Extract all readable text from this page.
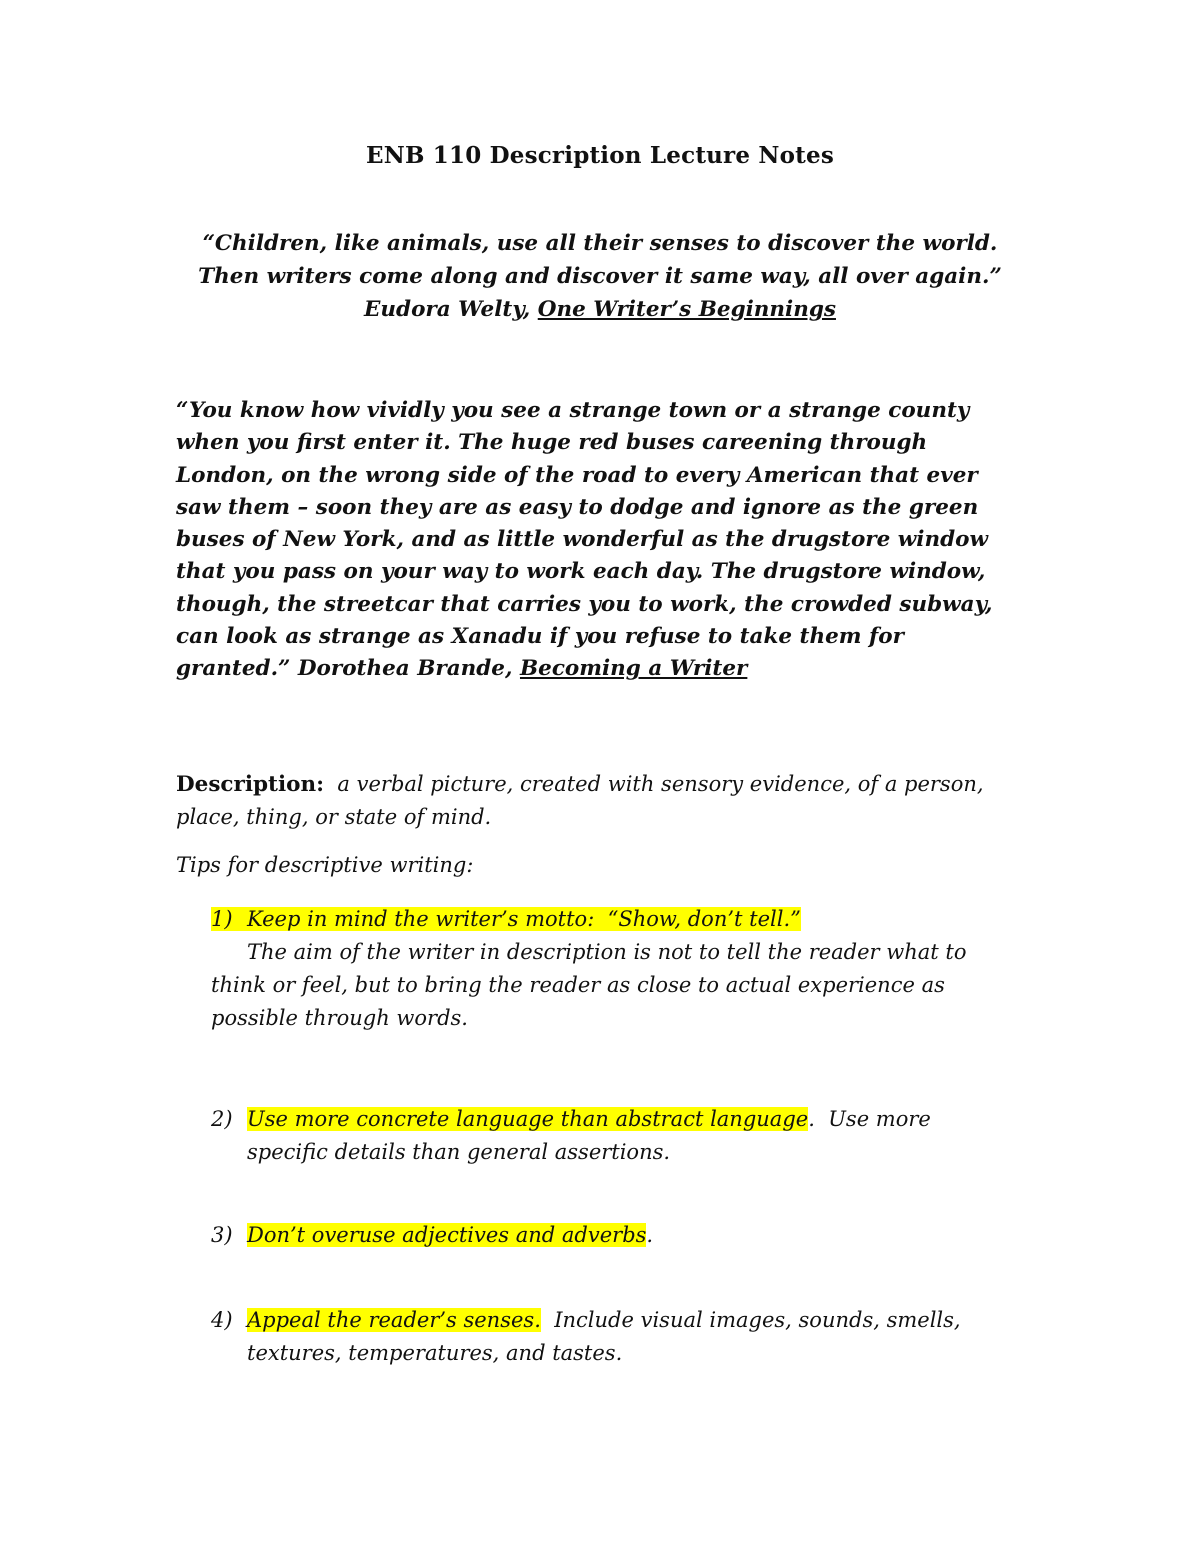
ENB 110 Description Lecture Notes
“Children, like animals, use all their senses to discover the world.
Then writers come along and discover it same way, all over again.”
Eudora Welty, One Writer’s Beginnings
“You know how vividly you see a strange town or a strange county
when you first enter it. The huge red buses careening through
London, on the wrong side of the road to every American that ever
saw them – soon they are as easy to dodge and ignore as the green
buses of New York, and as little wonderful as the drugstore window
that you pass on your way to work each day. The drugstore window,
though, the streetcar that carries you to work, the crowded subway,
can look as strange as Xanadu if you refuse to take them for
granted.” Dorothea Brande, Becoming a Writer
Description:  a verbal picture, created with sensory evidence, of a person,
place, thing, or state of mind.
Tips for descriptive writing:
1) Keep in mind the writer’s motto:  “Show, don’t tell.”
The aim of the writer in description is not to tell the reader what to
think or feel, but to bring the reader as close to actual experience as
possible through words.
2) Use more concrete language than abstract language.  Use more
specific details than general assertions.
3) Don’t overuse adjectives and adverbs.
4) Appeal the reader’s senses.  Include visual images, sounds, smells,
textures, temperatures, and tastes.
